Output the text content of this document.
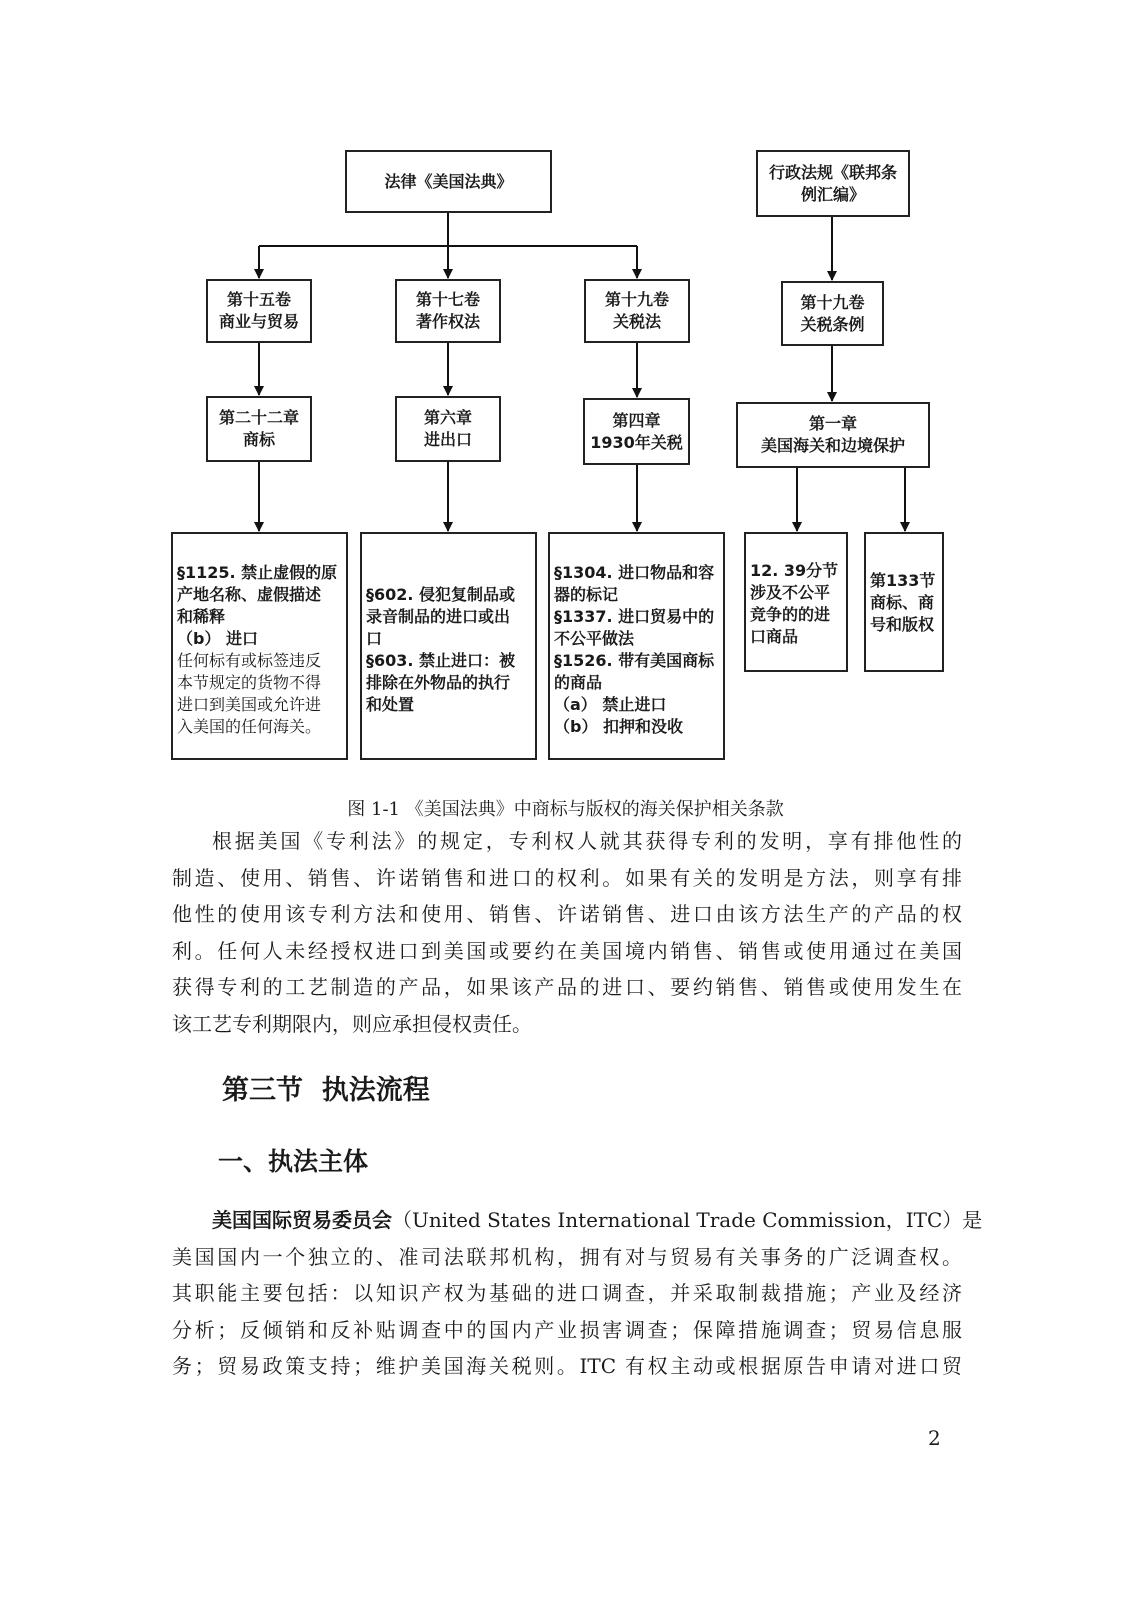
法律《美国法典》	行政法规《联邦条
例汇编》
第十五卷
商业与贸易
第十七卷
著作权法
第十九卷
关税法
第十九卷
关税条例
第二十二章
商标
第六章
进出口
第四章
1930年关税
第一章
美国海关和边境保护
§1125. 禁止虚假的原
产地名称、虚假描述
和稀释
（b） 进口
任何标有或标签违反
本节规定的货物不得
进口到美国或允许进
入美国的任何海关。
§602. 侵犯复制品或
录音制品的进口或出
口
§603. 禁止进口：被
排除在外物品的执行
和处置
§1304. 进口物品和容
器的标记
§1337. 进口贸易中的
不公平做法
§1526. 带有美国商标
的商品
（a） 禁止进口
（b） 扣押和没收
12. 39分节
涉及不公平
竞争的的进
口商品
第133节
商标、商
号和版权
图 1-1 《美国法典》中商标与版权的海关保护相关条款
根据美国《专利法》的规定，专利权人就其获得专利的发明，享有排他性的
制造、使用、销售、许诺销售和进口的权利。如果有关的发明是方法，则享有排
他性的使用该专利方法和使用、销售、许诺销售、进口由该方法生产的产品的权
利。任何人未经授权进口到美国或要约在美国境内销售、销售或使用通过在美国
获得专利的工艺制造的产品，如果该产品的进口、要约销售、销售或使用发生在
该工艺专利期限内，则应承担侵权责任。
第三节  执法流程
一、执法主体
美国国际贸易委员会（United States International Trade Commission，ITC）是
美国国内一个独立的、准司法联邦机构，拥有对与贸易有关事务的广泛调查权。
其职能主要包括：以知识产权为基础的进口调查，并采取制裁措施；产业及经济
分析；反倾销和反补贴调查中的国内产业损害调查；保障措施调查；贸易信息服
务；贸易政策支持；维护美国海关税则。ITC 有权主动或根据原告申请对进口贸
2
